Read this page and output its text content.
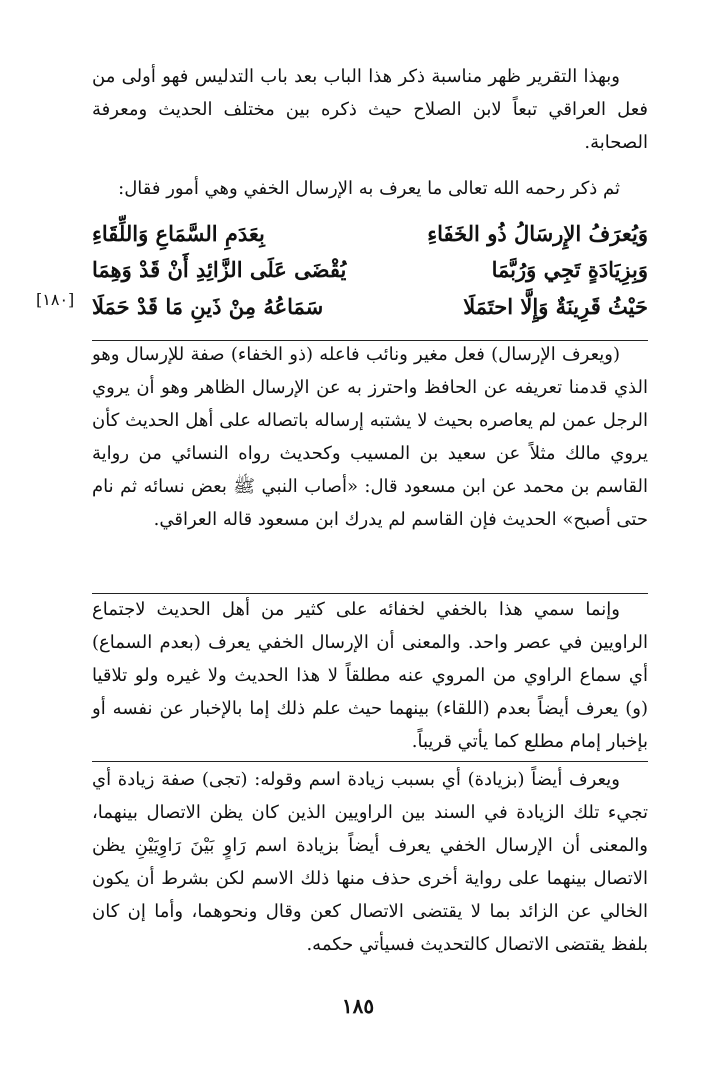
وبهذا التقرير ظهر مناسبة ذكر هذا الباب بعد باب التدليس فهو أولى من فعل العراقي تبعاً لابن الصلاح حيث ذكره بين مختلف الحديث ومعرفة الصحابة.

ثم ذكر رحمه الله تعالى ما يعرف به الإرسال الخفي وهي أمور فقال:

وَيُعرَفُ الإِرسَالُ ذُو الخَفَاءِ
بِعَدَمِ السَّمَاعِ وَاللِّقَاءِ
وَبِزِيَادَةٍ تَجِي وَرُبَّمَا
يُقْضَى عَلَى الزَّائِدِ أَنْ قَدْ وَهِمَا
حَيْثُ قَرِينَةٌ وَإِلَّا احتَمَلَا
سَمَاعُهُ مِنْ ذَينِ مَا قَدْ حَمَلَا
[١٨٠]

(ويعرف الإرسال) فعل مغير ونائب فاعله (ذو الخفاء) صفة للإرسال وهو الذي قدمنا تعريفه عن الحافظ واحترز به عن الإرسال الظاهر وهو أن يروي الرجل عمن لم يعاصره بحيث لا يشتبه إرساله باتصاله على أهل الحديث كأن يروي مالك مثلاً عن سعيد بن المسيب وكحديث رواه النسائي من رواية القاسم بن محمد عن ابن مسعود قال: «أصاب النبي ﷺ بعض نسائه ثم نام حتى أصبح» الحديث فإن القاسم لم يدرك ابن مسعود قاله العراقي.

وإنما سمي هذا بالخفي لخفائه على كثير من أهل الحديث لاجتماع الراويين في عصر واحد. والمعنى أن الإرسال الخفي يعرف (بعدم السماع) أي سماع الراوي من المروي عنه مطلقاً لا هذا الحديث ولا غيره ولو تلاقيا (و) يعرف أيضاً بعدم (اللقاء) بينهما حيث علم ذلك إما بالإخبار عن نفسه أو بإخبار إمام مطلع كما يأتي قريباً.

ويعرف أيضاً (بزيادة) أي بسبب زيادة اسم وقوله: (تجى) صفة زيادة أي تجيء تلك الزيادة في السند بين الراويين الذين كان يظن الاتصال بينهما، والمعنى أن الإرسال الخفي يعرف أيضاً بزيادة اسم رَاوٍ بَيْنَ رَاوِيَيْنِ يظن الاتصال بينهما على رواية أخرى حذف منها ذلك الاسم لكن بشرط أن يكون الخالي عن الزائد بما لا يقتضى الاتصال كعن وقال ونحوهما، وأما إن كان بلفظ يقتضى الاتصال كالتحديث فسيأتي حكمه.

١٨٥
